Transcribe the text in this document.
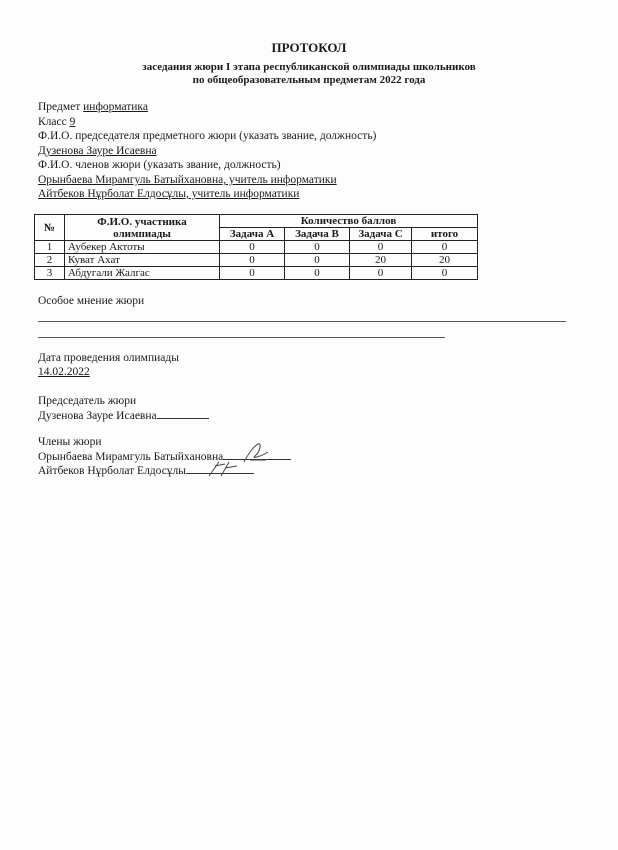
ПРОТОКОЛ
заседания жюри I этапа республиканской олимпиады школьников
по общеобразовательным предметам 2022 года
Предмет информатика
Класс 9
Ф.И.О. председателя предметного жюри (указать звание, должность)
Дузенова Зауре Исаевна
Ф.И.О. членов жюри (указать звание, должность)
Орынбаева Мирамгуль Батыйхановна, учитель информатики
Айтбеков Нұрболат Елдосұлы, учитель информатики
№	Ф.И.О. участника олимпиады	Количество баллов			
		Задача A	Задача B	Задача C	итого
1	Аубекер Актоты	0	0	0	0
2	Куват Ахат	0	0	20	20
3	Абдугали Жалгас	0	0	0	0
Особое мнение жюри
Дата проведения олимпиады
14.02.2022
Председатель жюри
Дузенова Зауре Исаевна
Члены жюри
Орынбаева Мирамгуль Батыйхановна
Айтбеков Нұрболат Елдосұлы
